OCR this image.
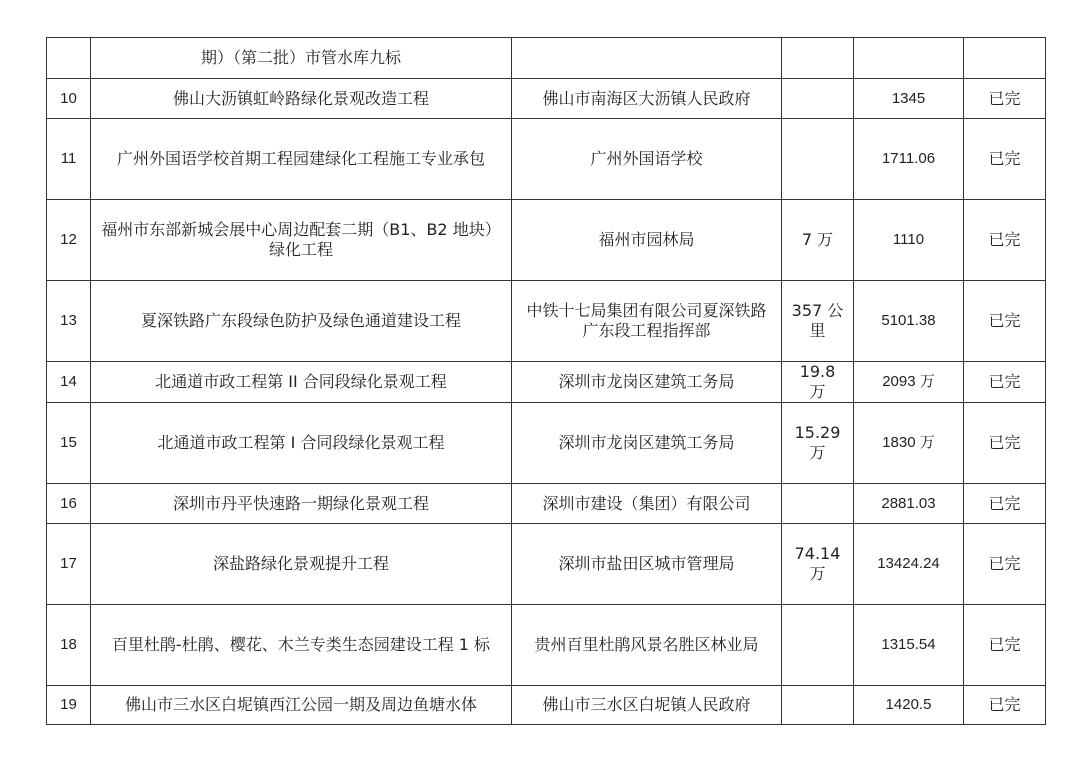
	期）（第二批）市管水库九标				
10	佛山大沥镇虹岭路绿化景观改造工程	佛山市南海区大沥镇人民政府		1345	已完
11	广州外国语学校首期工程园建绿化工程施工专业承包	广州外国语学校		1711.06	已完
12	福州市东部新城会展中心周边配套二期（B1、B2 地块）绿化工程	福州市园林局	7 万	1110	已完
13	夏深铁路广东段绿色防护及绿色通道建设工程	中铁十七局集团有限公司夏深铁路广东段工程指挥部	357 公里	5101.38	已完
14	北通道市政工程第 II 合同段绿化景观工程	深圳市龙岗区建筑工务局	19.8 万	2093 万	已完
15	北通道市政工程第 I 合同段绿化景观工程	深圳市龙岗区建筑工务局	15.29 万	1830 万	已完
16	深圳市丹平快速路一期绿化景观工程	深圳市建设（集团）有限公司		2881.03	已完
17	深盐路绿化景观提升工程	深圳市盐田区城市管理局	74.14 万	13424.24	已完
18	百里杜鹃-杜鹃、樱花、木兰专类生态园建设工程 1 标	贵州百里杜鹃风景名胜区林业局		1315.54	已完
19	佛山市三水区白坭镇西江公园一期及周边鱼塘水体	佛山市三水区白坭镇人民政府		1420.5	已完
